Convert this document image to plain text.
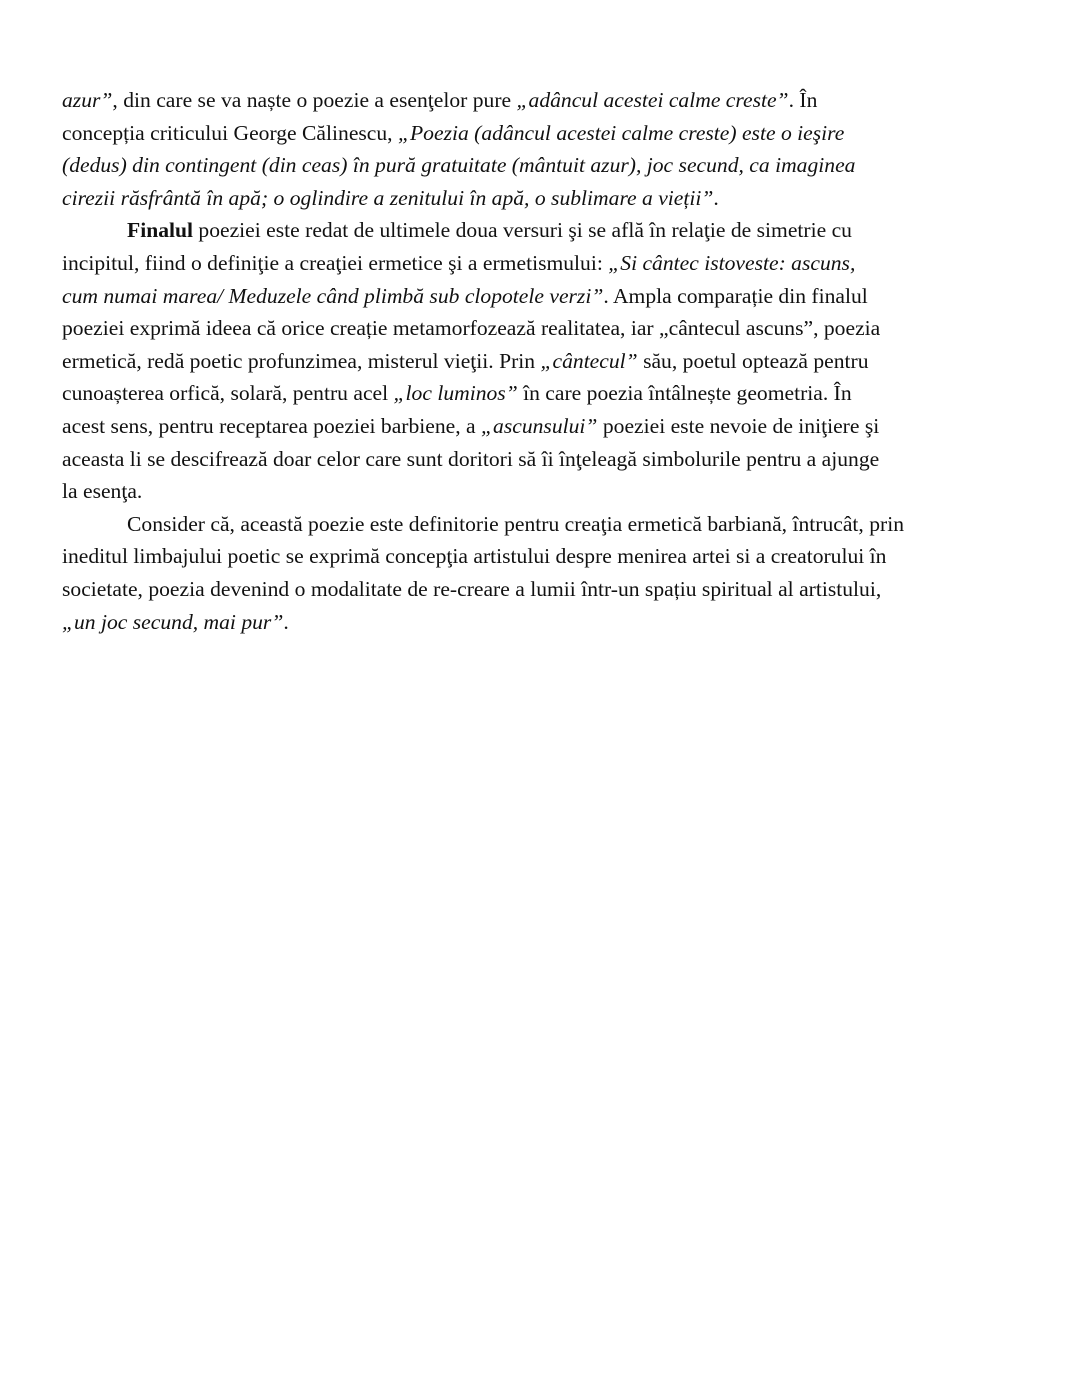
azur”, din care se va naște o poezie a esenţelor pure „adâncul acestei calme creste”. În
concepția criticului George Călinescu, „Poezia (adâncul acestei calme creste) este o ieşire
(dedus) din contingent (din ceas) în pură gratuitate (mântuit azur), joc secund, ca imaginea
cirezii răsfrântă în apă; o oglindire a zenitului în apă, o sublimare a vieții”.
Finalul poeziei este redat de ultimele doua versuri şi se află în relaţie de simetrie cu
incipitul, fiind o definiţie a creaţiei ermetice şi a ermetismului: „Si cântec istoveste: ascuns,
cum numai marea/ Meduzele când plimbă sub clopotele verzi”. Ampla comparație din finalul
poeziei exprimă ideea că orice creație metamorfozează realitatea, iar „cântecul ascuns”, poezia
ermetică, redă poetic profunzimea, misterul vieţii. Prin „cântecul” său, poetul optează pentru
cunoașterea orfică, solară, pentru acel „loc luminos” în care poezia întâlnește geometria. În
acest sens, pentru receptarea poeziei barbiene, a „ascunsului” poeziei este nevoie de iniţiere şi
aceasta li se descifrează doar celor care sunt doritori să îi înţeleagă simbolurile pentru a ajunge
la esenţa.
Consider că, această poezie este definitorie pentru creaţia ermetică barbiană, întrucât, prin
ineditul limbajului poetic se exprimă concepţia artistului despre menirea artei si a creatorului în
societate, poezia devenind o modalitate de re-creare a lumii într-un spațiu spiritual al artistului,
„un joc secund, mai pur”.
